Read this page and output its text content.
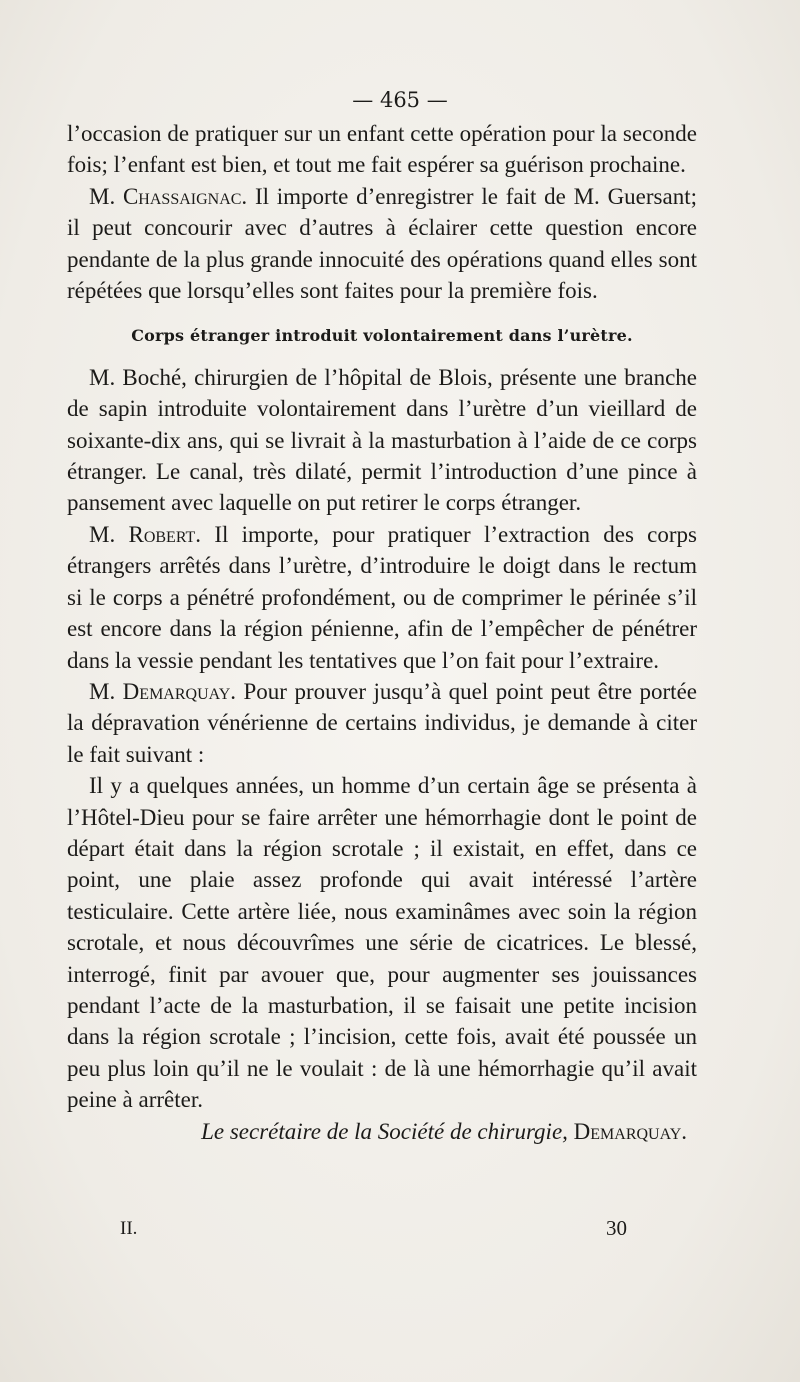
— 465 —

l’occasion de pratiquer sur un enfant cette opération pour la seconde fois; l’enfant est bien, et tout me fait espérer sa guérison prochaine.

M. Chassaignac. Il importe d’enregistrer le fait de M. Guersant; il peut concourir avec d’autres à éclairer cette question encore pendante de la plus grande innocuité des opérations quand elles sont répétées que lorsqu’elles sont faites pour la première fois.

Corps étranger introduit volontairement dans l’urètre.

M. Boché, chirurgien de l’hôpital de Blois, présente une branche de sapin introduite volontairement dans l’urètre d’un vieillard de soixante-dix ans, qui se livrait à la masturbation à l’aide de ce corps étranger. Le canal, très dilaté, permit l’introduction d’une pince à pansement avec laquelle on put retirer le corps étranger.

M. Robert. Il importe, pour pratiquer l’extraction des corps étrangers arrêtés dans l’urètre, d’introduire le doigt dans le rectum si le corps a pénétré profondément, ou de comprimer le périnée s’il est encore dans la région pénienne, afin de l’empêcher de pénétrer dans la vessie pendant les tentatives que l’on fait pour l’extraire.

M. Demarquay. Pour prouver jusqu’à quel point peut être portée la dépravation vénérienne de certains individus, je demande à citer le fait suivant :

Il y a quelques années, un homme d’un certain âge se présenta à l’Hôtel-Dieu pour se faire arrêter une hémorrhagie dont le point de départ était dans la région scrotale ; il existait, en effet, dans ce point, une plaie assez profonde qui avait intéressé l’artère testiculaire. Cette artère liée, nous examinâmes avec soin la région scrotale, et nous découvrîmes une série de cicatrices. Le blessé, interrogé, finit par avouer que, pour augmenter ses jouissances pendant l’acte de la masturbation, il se faisait une petite incision dans la région scrotale ; l’incision, cette fois, avait été poussée un peu plus loin qu’il ne le voulait : de là une hémorrhagie qu’il avait peine à arrêter.

Le secrétaire de la Société de chirurgie, Demarquay.

II.	30
